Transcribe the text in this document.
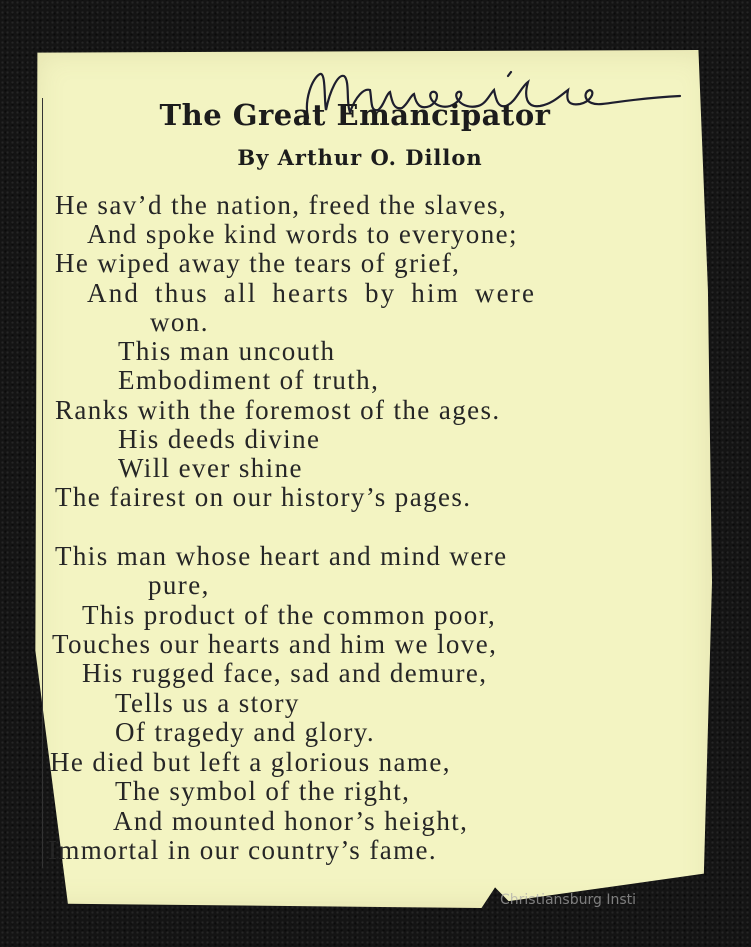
The Great Emancipator
By Arthur O. Dillon
He sav’d the nation, freed the slaves,
And spoke kind words to everyone;
He wiped away the tears of grief,
And thus all hearts by him were
won.
This man uncouth
Embodiment of truth,
Ranks with the foremost of the ages.
His deeds divine
Will ever shine
The fairest on our history’s pages.
This man whose heart and mind were
pure,
This product of the common poor,
Touches our hearts and him we love,
His rugged face, sad and demure,
Tells us a story
Of tragedy and glory.
He died but left a glorious name,
The symbol of the right,
And mounted honor’s height,
Immortal in our country’s fame.
Christiansburg Insti
